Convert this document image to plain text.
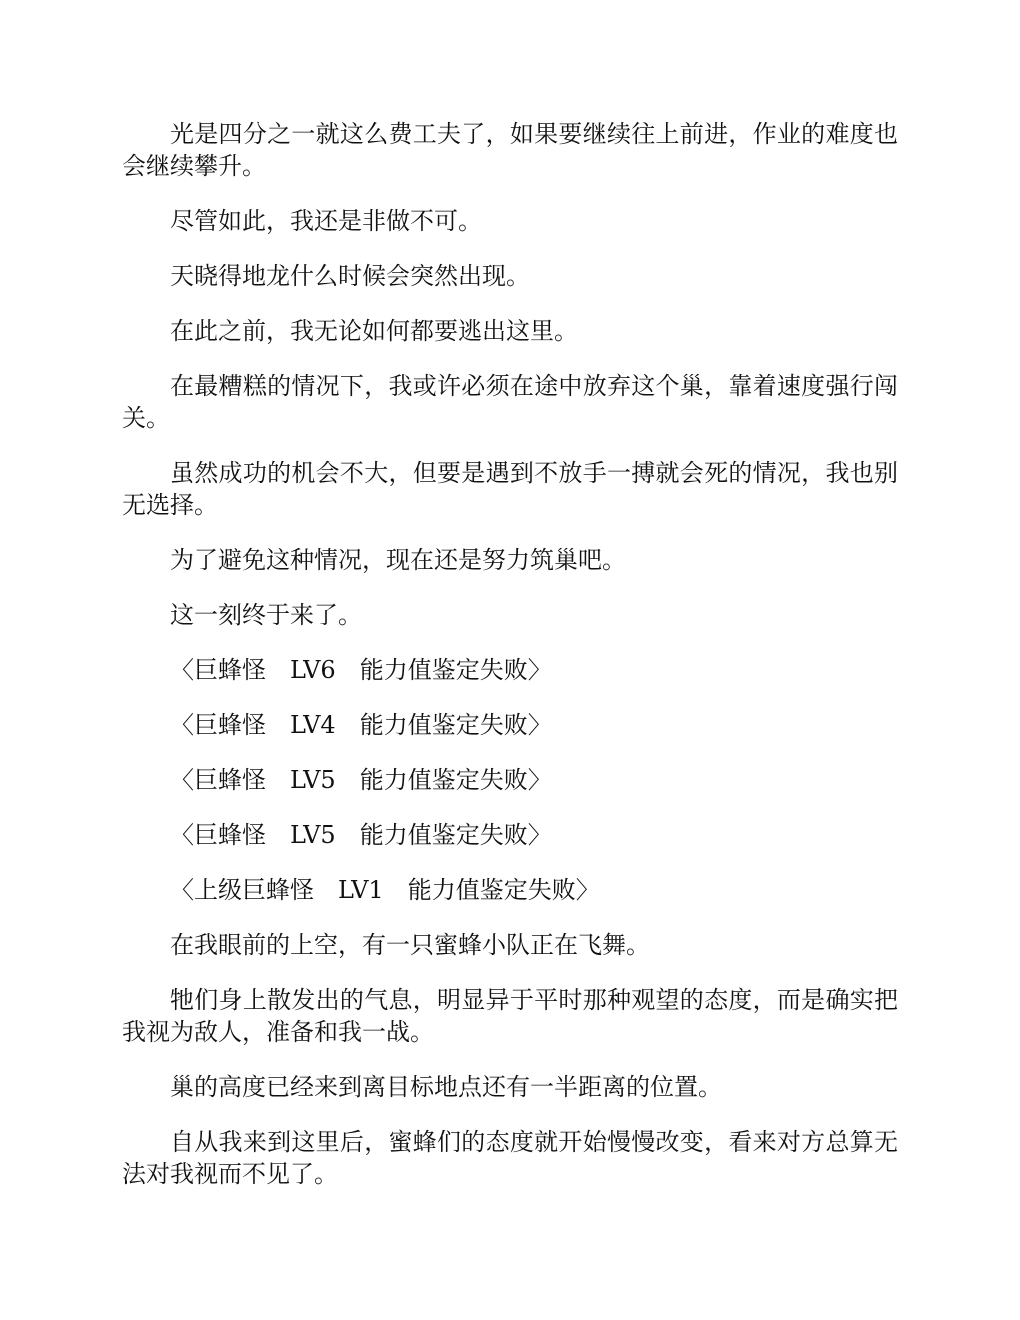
光是四分之一就这么费工夫了，如果要继续往上前进，作业的难度也会继续攀升。

尽管如此，我还是非做不可。

天晓得地龙什么时候会突然出现。

在此之前，我无论如何都要逃出这里。

在最糟糕的情况下，我或许必须在途中放弃这个巢，靠着速度强行闯关。

虽然成功的机会不大，但要是遇到不放手一搏就会死的情况，我也别无选择。

为了避免这种情况，现在还是努力筑巢吧。

这一刻终于来了。

〈巨蜂怪　LV6　能力值鉴定失败〉

〈巨蜂怪　LV4　能力值鉴定失败〉

〈巨蜂怪　LV5　能力值鉴定失败〉

〈巨蜂怪　LV5　能力值鉴定失败〉

〈上级巨蜂怪　LV1　能力值鉴定失败〉

在我眼前的上空，有一只蜜蜂小队正在飞舞。

牠们身上散发出的气息，明显异于平时那种观望的态度，而是确实把我视为敌人，准备和我一战。

巢的高度已经来到离目标地点还有一半距离的位置。

自从我来到这里后，蜜蜂们的态度就开始慢慢改变，看来对方总算无法对我视而不见了。
